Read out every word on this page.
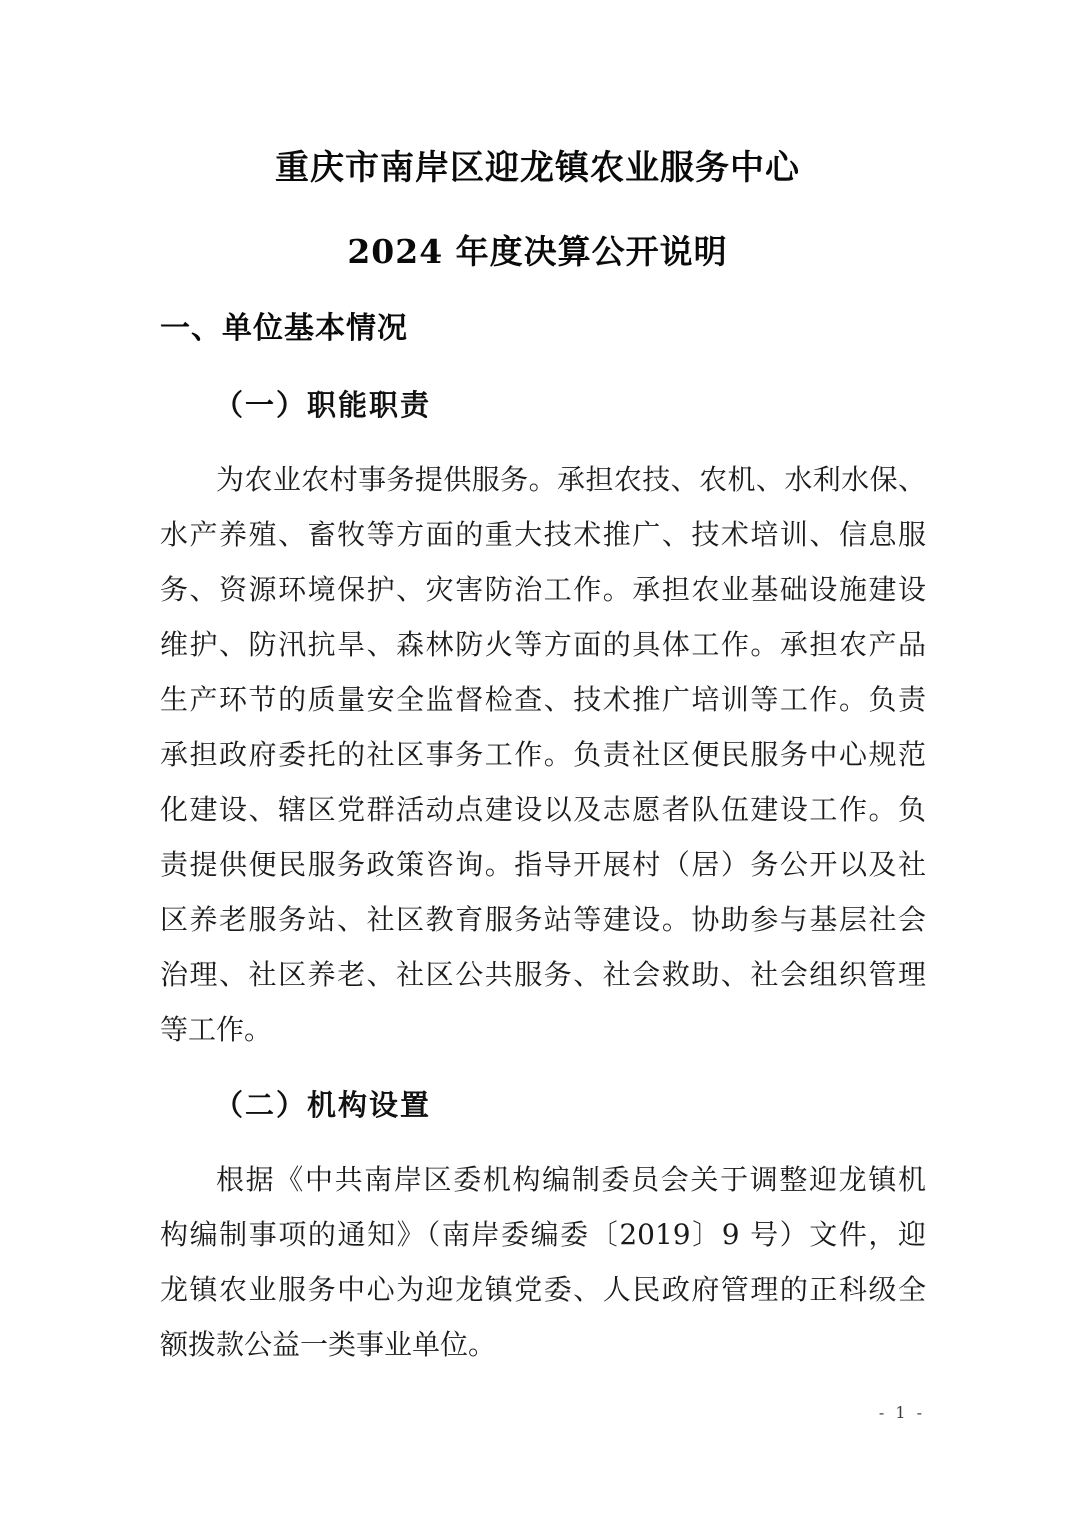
重庆市南岸区迎龙镇农业服务中心
2024 年度决算公开说明
一、单位基本情况
（一）职能职责
为农业农村事务提供服务。承担农技、农机、水利水保、
水产养殖、畜牧等方面的重大技术推广、技术培训、信息服
务、资源环境保护、灾害防治工作。承担农业基础设施建设
维护、防汛抗旱、森林防火等方面的具体工作。承担农产品
生产环节的质量安全监督检查、技术推广培训等工作。负责
承担政府委托的社区事务工作。负责社区便民服务中心规范
化建设、辖区党群活动点建设以及志愿者队伍建设工作。负
责提供便民服务政策咨询。指导开展村（居）务公开以及社
区养老服务站、社区教育服务站等建设。协助参与基层社会
治理、社区养老、社区公共服务、社会救助、社会组织管理
等工作。
（二）机构设置
根据《中共南岸区委机构编制委员会关于调整迎龙镇机
构编制事项的通知》（南岸委编委〔2019〕9 号）文件，迎
龙镇农业服务中心为迎龙镇党委、人民政府管理的正科级全
额拨款公益一类事业单位。
- 1 -
